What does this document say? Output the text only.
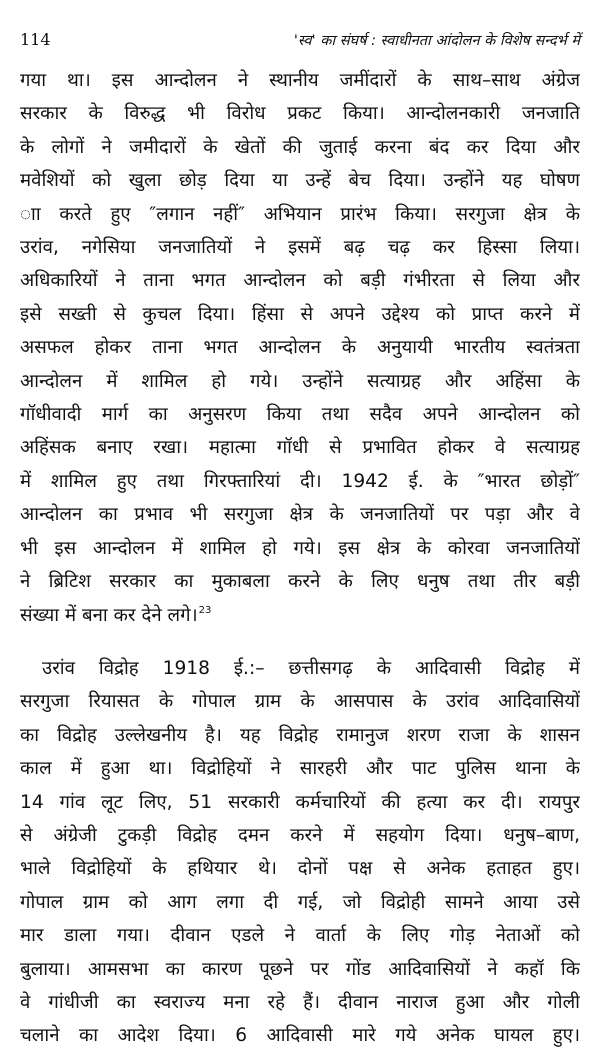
114	'स्व' का संघर्ष : स्वाधीनता आंदोलन के विशेष सन्दर्भ में
गया था। इस आन्दोलन ने स्थानीय जमींदारों के साथ–साथ अंग्रेज
सरकार के विरुद्ध भी विरोध प्रकट किया। आन्दोलनकारी जनजाति
के लोगों ने जमीदारों के खेतों की जुताई करना बंद कर दिया और
मवेशियों को खुला छोड़ दिया या उन्हें बेच दिया। उन्होंने यह घोषण
ाा करते हुए ″लगान नहीं″ अभियान प्रारंभ किया। सरगुजा क्षेत्र के
उरांव, नगेसिया जनजातियों ने इसमें बढ़ चढ़ कर हिस्सा लिया।
अधिकारियों ने ताना भगत आन्दोलन को बड़ी गंभीरता से लिया और
इसे सख्ती से कुचल दिया। हिंसा से अपने उद्देश्य को प्राप्त करने में
असफल होकर ताना भगत आन्दोलन के अनुयायी भारतीय स्वतंत्रता
आन्दोलन में शामिल हो गये। उन्होंने सत्याग्रह और अहिंसा के
गॉधीवादी मार्ग का अनुसरण किया तथा सदैव अपने आन्दोलन को
अहिंसक बनाए रखा। महात्मा गॉधी से प्रभावित होकर वे सत्याग्रह
में शामिल हुए तथा गिरफ्तारियां दी। 1942 ई. के ″भारत छोड़ों″
आन्दोलन का प्रभाव भी सरगुजा क्षेत्र के जनजातियों पर पड़ा और वे
भी इस आन्दोलन में शामिल हो गये। इस क्षेत्र के कोरवा जनजातियों
ने ब्रिटिश सरकार का मुकाबला करने के लिए धनुष तथा तीर बड़ी
संख्या में बना कर देने लगे।$^{23}$
उरांव विद्रोह 1918 ई.:– छत्तीसगढ़ के आदिवासी विद्रोह में
सरगुजा रियासत के गोपाल ग्राम के आसपास के उरांव आदिवासियों
का विद्रोह उल्लेखनीय है। यह विद्रोह रामानुज शरण राजा के शासन
काल में हुआ था। विद्रोहियों ने सारहरी और पाट पुलिस थाना के
14 गांव लूट लिए, 51 सरकारी कर्मचारियों की हत्या कर दी। रायपुर
से अंग्रेजी टुकड़ी विद्रोह दमन करने में सहयोग दिया। धनुष–बाण,
भाले विद्रोहियों के हथियार थे। दोनों पक्ष से अनेक हताहत हुए।
गोपाल ग्राम को आग लगा दी गई, जो विद्रोही सामने आया उसे
मार डाला गया। दीवान एडले ने वार्ता के लिए गोड़ नेताओं को
बुलाया। आमसभा का कारण पूछने पर गोंड आदिवासियों ने कहॉ कि
वे गांधीजी का स्वराज्य मना रहे हैं। दीवान नाराज हुआ और गोली
चलाने का आदेश दिया। 6 आदिवासी मारे गये अनेक घायल हुए।
